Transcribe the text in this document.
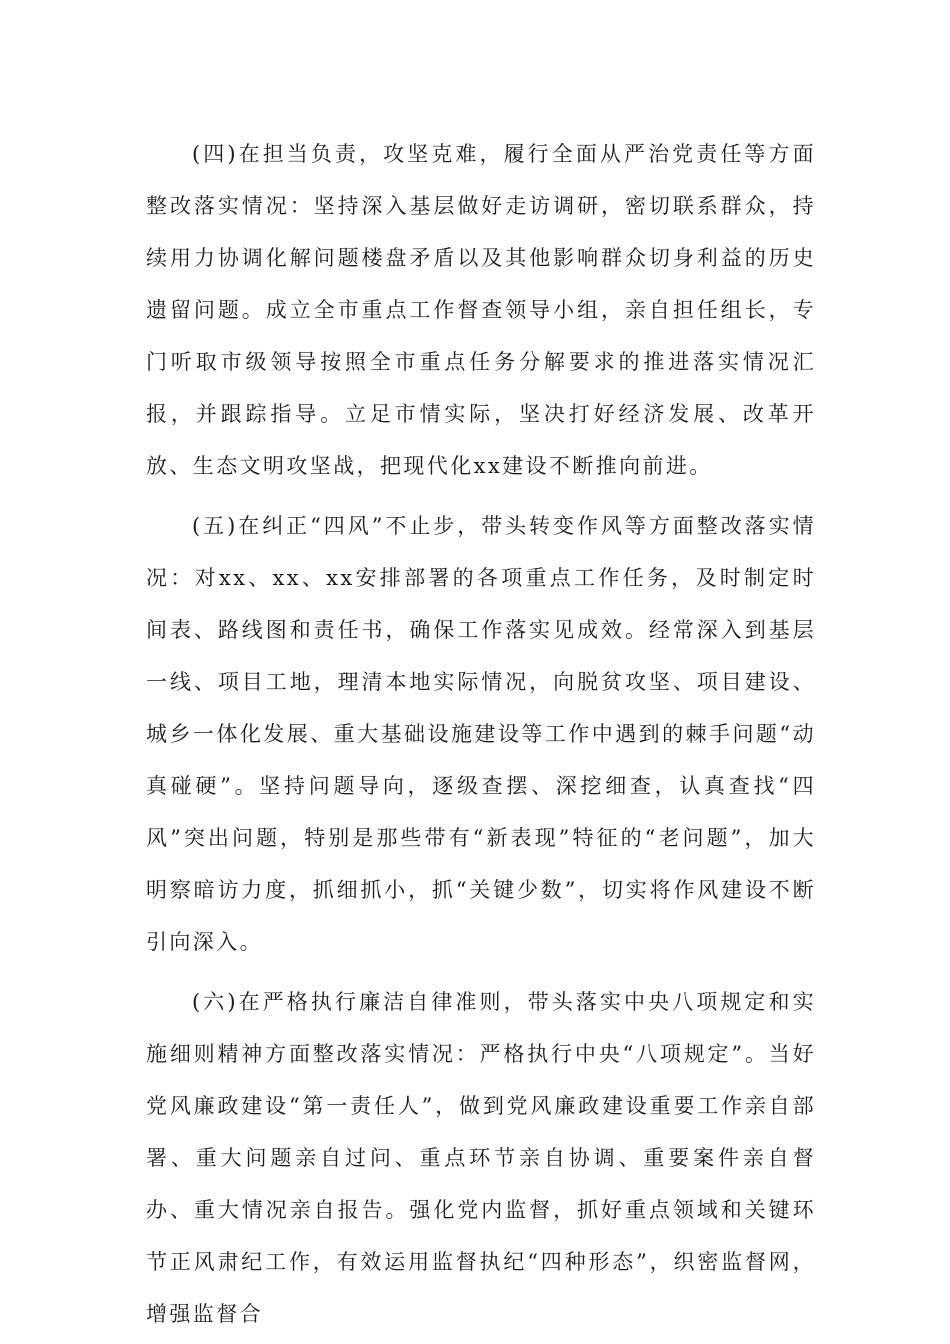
(四)在担当负责，攻坚克难，履行全面从严治党责任等方面整改落实情况：坚持深入基层做好走访调研，密切联系群众，持续用力协调化解问题楼盘矛盾以及其他影响群众切身利益的历史遗留问题。成立全市重点工作督查领导小组，亲自担任组长，专门听取市级领导按照全市重点任务分解要求的推进落实情况汇报，并跟踪指导。立足市情实际，坚决打好经济发展、改革开放、生态文明攻坚战，把现代化xx建设不断推向前进。

(五)在纠正“四风”不止步，带头转变作风等方面整改落实情况：对xx、xx、xx安排部署的各项重点工作任务，及时制定时间表、路线图和责任书，确保工作落实见成效。经常深入到基层一线、项目工地，理清本地实际情况，向脱贫攻坚、项目建设、城乡一体化发展、重大基础设施建设等工作中遇到的棘手问题“动真碰硬”。坚持问题导向，逐级查摆、深挖细查，认真查找“四风”突出问题，特别是那些带有“新表现”特征的“老问题”，加大明察暗访力度，抓细抓小，抓“关键少数”，切实将作风建设不断引向深入。

(六)在严格执行廉洁自律准则，带头落实中央八项规定和实施细则精神方面整改落实情况：严格执行中央“八项规定”。当好党风廉政建设“第一责任人”，做到党风廉政建设重要工作亲自部署、重大问题亲自过问、重点环节亲自协调、重要案件亲自督办、重大情况亲自报告。强化党内监督，抓好重点领域和关键环节正风肃纪工作，有效运用监督执纪“四种形态”，织密监督网，增强监督合
